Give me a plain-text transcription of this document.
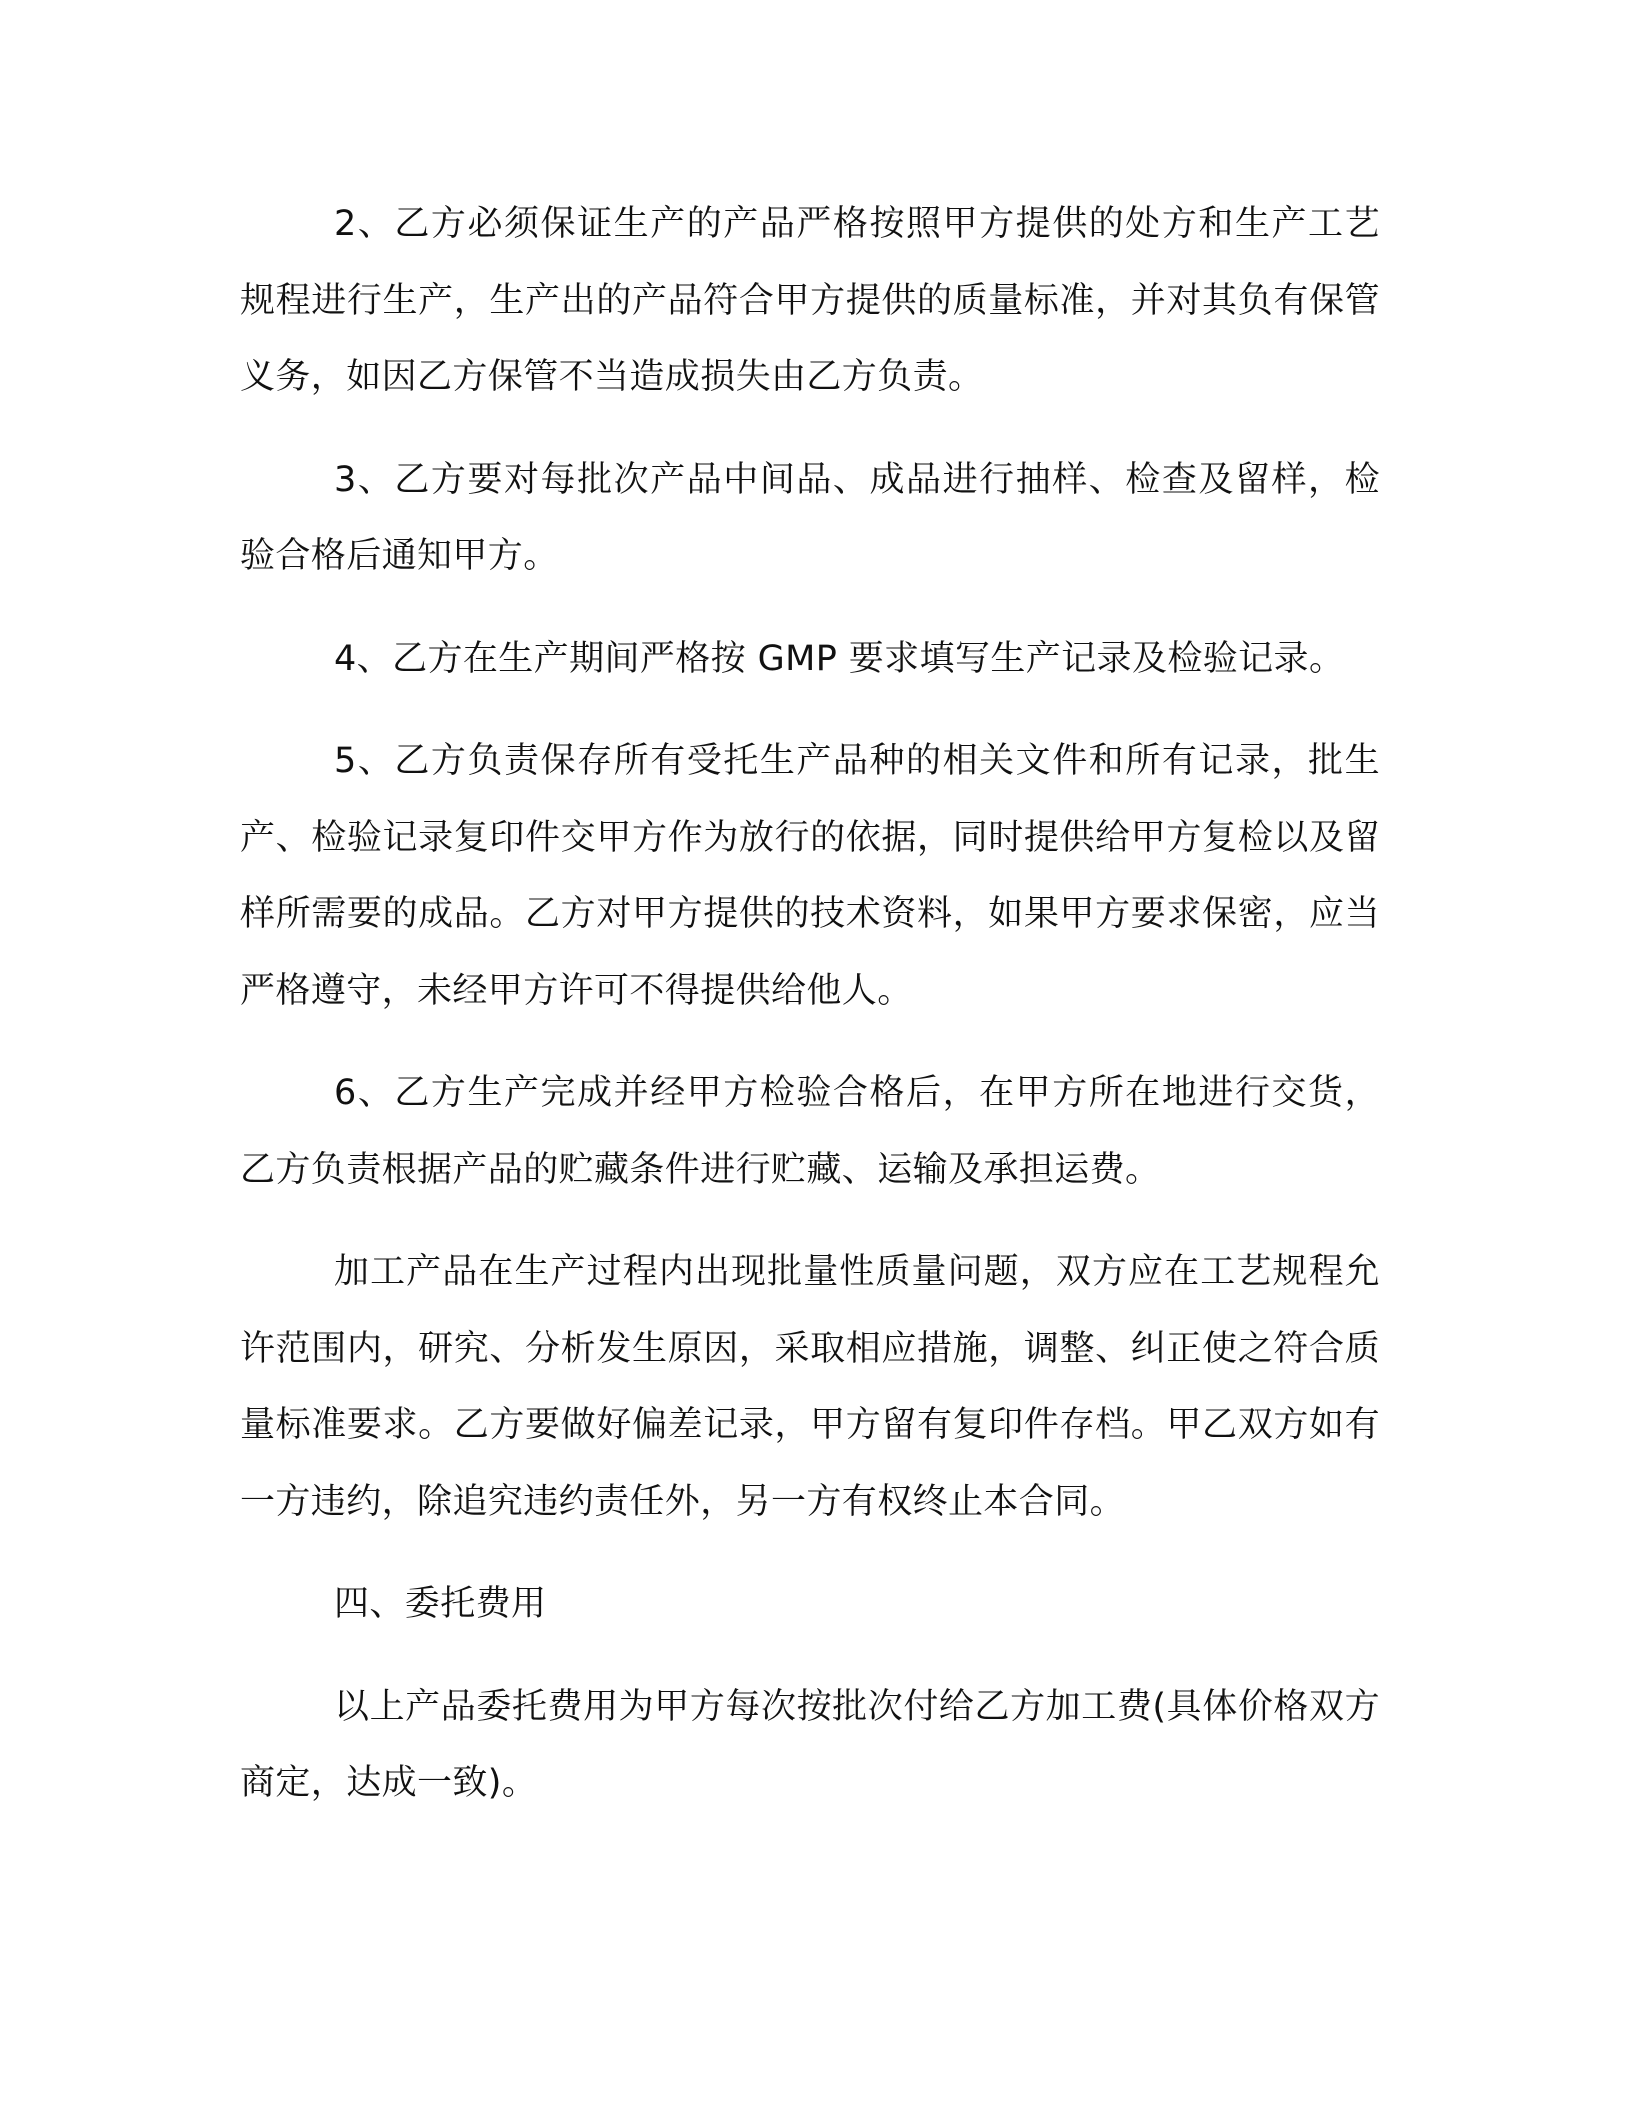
2、乙方必须保证生产的产品严格按照甲方提供的处方和生产工艺规程进行生产，生产出的产品符合甲方提供的质量标准，并对其负有保管义务，如因乙方保管不当造成损失由乙方负责。

3、乙方要对每批次产品中间品、成品进行抽样、检查及留样，检验合格后通知甲方。

4、乙方在生产期间严格按 GMP 要求填写生产记录及检验记录。

5、乙方负责保存所有受托生产品种的相关文件和所有记录，批生产、检验记录复印件交甲方作为放行的依据，同时提供给甲方复检以及留样所需要的成品。乙方对甲方提供的技术资料，如果甲方要求保密，应当严格遵守，未经甲方许可不得提供给他人。

6、乙方生产完成并经甲方检验合格后，在甲方所在地进行交货，乙方负责根据产品的贮藏条件进行贮藏、运输及承担运费。

加工产品在生产过程内出现批量性质量问题，双方应在工艺规程允许范围内，研究、分析发生原因，采取相应措施，调整、纠正使之符合质量标准要求。乙方要做好偏差记录，甲方留有复印件存档。甲乙双方如有一方违约，除追究违约责任外，另一方有权终止本合同。

四、委托费用

以上产品委托费用为甲方每次按批次付给乙方加工费(具体价格双方商定，达成一致)。
